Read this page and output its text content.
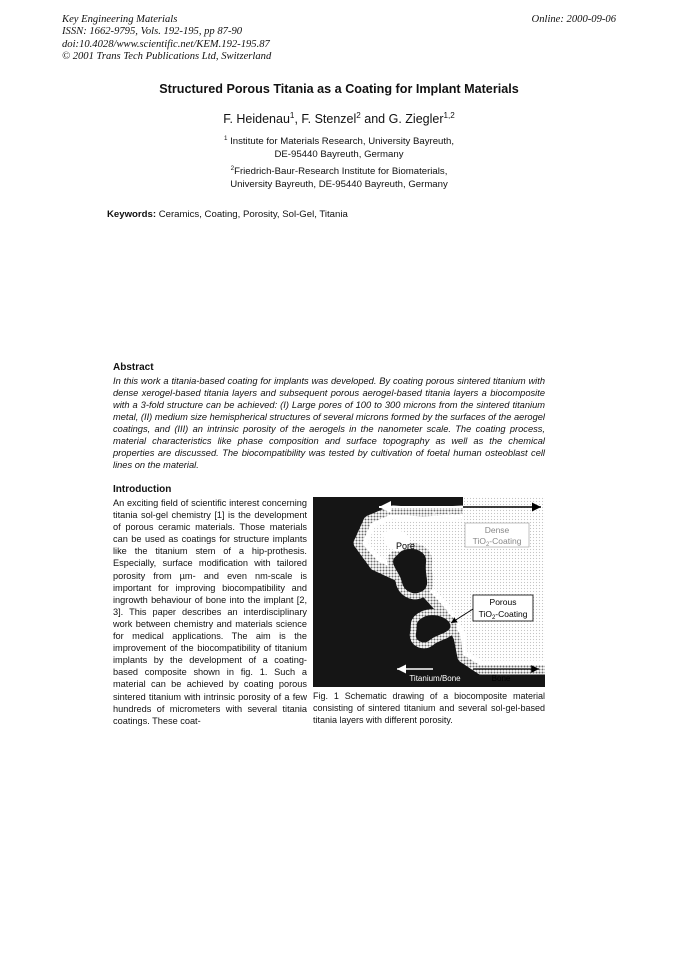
Key Engineering Materials
ISSN: 1662-9795, Vols. 192-195, pp 87-90
doi:10.4028/www.scientific.net/KEM.192-195.87
© 2001 Trans Tech Publications Ltd, Switzerland
Online: 2000-09-06
Structured Porous Titania as a Coating for Implant Materials
F. Heidenau$^1$, F. Stenzel$^2$ and G. Ziegler$^{1,2}$
$^1$ Institute for Materials Research, University Bayreuth,
DE-95440 Bayreuth, Germany
$^2$Friedrich-Baur-Research Institute for Biomaterials,
University Bayreuth, DE-95440 Bayreuth, Germany
Keywords: Ceramics, Coating, Porosity, Sol-Gel, Titania
Abstract
In this work a titania-based coating for implants was developed. By coating porous sintered titanium with dense xerogel-based titania layers and subsequent porous aerogel-based titania layers a biocomposite with a 3-fold structure can be achieved: (I) Large pores of 100 to 300 microns from the sintered titanium metal, (II) medium size hemispherical structures of several microns formed by the surfaces of the aerogel coatings, and (III) an intrinsic porosity of the aerogels in the nanometer scale. The coating process, material characteristics like phase composition and surface topography as well as the chemical properties are discussed. The biocompatibility was tested by cultivation of foetal human osteoblast cell lines on the material.
Introduction
An exciting field of scientific interest concerning titania sol-gel chemistry [1] is the development of porous ceramic materials. Those materials can be used as coatings for structure implants like the titanium stem of a hip-prothesis. Especially, surface modification with tailored porosity from µm- and even nm-scale is important for improving biocompatibility and ingrowth behaviour of bone into the implant [2, 3]. This paper describes an interdisciplinary work between chemistry and materials science for medical applications. The aim is the improvement of the biocompatibility of titanium implants by the development of a coating-based composite shown in fig. 1. Such a material can be achieved by coating porous sintered titanium with intrinsic porosity of a few hundreds of micrometers with several titania coatings. These coat-
Implant
Pore
Dense
TiO$_2$-Coating
Porous
TiO$_2$-Coating
Titanium/Bone	Bone
Fig. 1 Schematic drawing of a biocomposite material consisting of sintered titanium and several sol-gel-based titania layers with different porosity.
